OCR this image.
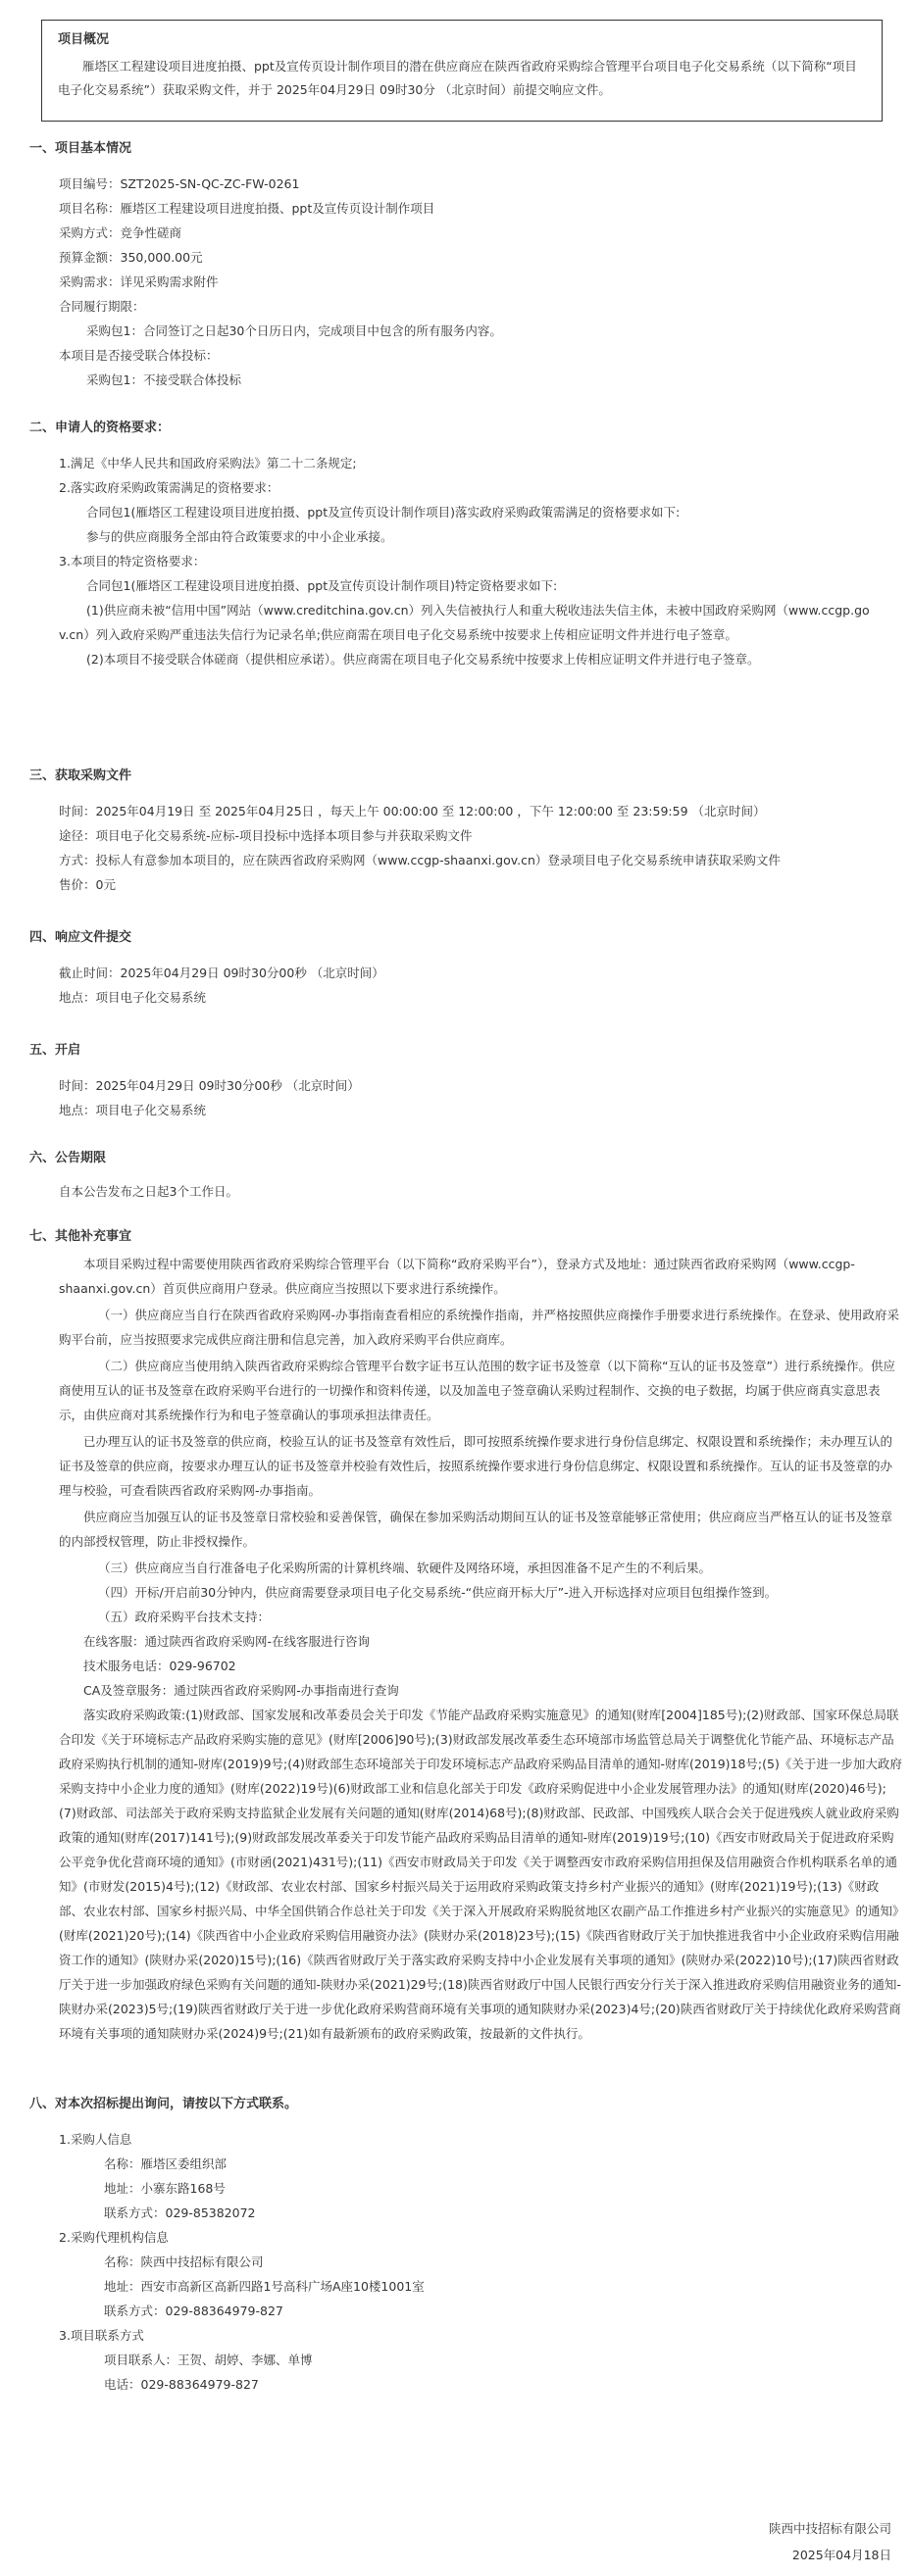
项目概况
雁塔区工程建设项目进度拍摄、ppt及宣传页设计制作项目的潜在供应商应在陕西省政府采购综合管理平台项目电子化交易系统（以下简称“项目电子化交易系统”）获取采购文件，并于 2025年04月29日 09时30分 （北京时间）前提交响应文件。
一、项目基本情况
项目编号：SZT2025-SN-QC-ZC-FW-0261
项目名称：雁塔区工程建设项目进度拍摄、ppt及宣传页设计制作项目
采购方式：竞争性磋商
预算金额：350,000.00元
采购需求：详见采购需求附件
合同履行期限：
采购包1：合同签订之日起30个日历日内，完成项目中包含的所有服务内容。
本项目是否接受联合体投标：
采购包1：不接受联合体投标
二、申请人的资格要求：
1.满足《中华人民共和国政府采购法》第二十二条规定;
2.落实政府采购政策需满足的资格要求：
合同包1(雁塔区工程建设项目进度拍摄、ppt及宣传页设计制作项目)落实政府采购政策需满足的资格要求如下:
参与的供应商服务全部由符合政策要求的中小企业承接。
3.本项目的特定资格要求：
合同包1(雁塔区工程建设项目进度拍摄、ppt及宣传页设计制作项目)特定资格要求如下:
(1)供应商未被“信用中国”网站（www.creditchina.gov.cn）列入失信被执行人和重大税收违法失信主体，未被中国政府采购网（www.ccgp.go
v.cn）列入政府采购严重违法失信行为记录名单;供应商需在项目电子化交易系统中按要求上传相应证明文件并进行电子签章。
(2)本项目不接受联合体磋商（提供相应承诺）。供应商需在项目电子化交易系统中按要求上传相应证明文件并进行电子签章。
三、获取采购文件
时间：2025年04月19日 至 2025年04月25日 ，每天上午 00:00:00 至 12:00:00 ，下午 12:00:00 至 23:59:59 （北京时间）
途径：项目电子化交易系统-应标-项目投标中选择本项目参与并获取采购文件
方式：投标人有意参加本项目的，应在陕西省政府采购网（www.ccgp-shaanxi.gov.cn）登录项目电子化交易系统申请获取采购文件
售价：0元
四、响应文件提交
截止时间：2025年04月29日 09时30分00秒 （北京时间）
地点：项目电子化交易系统
五、开启
时间：2025年04月29日 09时30分00秒 （北京时间）
地点：项目电子化交易系统
六、公告期限
自本公告发布之日起3个工作日。
七、其他补充事宜
本项目采购过程中需要使用陕西省政府采购综合管理平台（以下简称“政府采购平台”），登录方式及地址：通过陕西省政府采购网（www.ccgp-shaanxi.gov.cn）首页供应商用户登录。供应商应当按照以下要求进行系统操作。
（一）供应商应当自行在陕西省政府采购网-办事指南查看相应的系统操作指南，并严格按照供应商操作手册要求进行系统操作。在登录、使用政府采购平台前，应当按照要求完成供应商注册和信息完善，加入政府采购平台供应商库。
（二）供应商应当使用纳入陕西省政府采购综合管理平台数字证书互认范围的数字证书及签章（以下简称“互认的证书及签章”）进行系统操作。供应商使用互认的证书及签章在政府采购平台进行的一切操作和资料传递，以及加盖电子签章确认采购过程制作、交换的电子数据，均属于供应商真实意思表示，由供应商对其系统操作行为和电子签章确认的事项承担法律责任。
已办理互认的证书及签章的供应商，校验互认的证书及签章有效性后，即可按照系统操作要求进行身份信息绑定、权限设置和系统操作；未办理互认的证书及签章的供应商，按要求办理互认的证书及签章并校验有效性后，按照系统操作要求进行身份信息绑定、权限设置和系统操作。互认的证书及签章的办理与校验，可查看陕西省政府采购网-办事指南。
供应商应当加强互认的证书及签章日常校验和妥善保管，确保在参加采购活动期间互认的证书及签章能够正常使用；供应商应当严格互认的证书及签章的内部授权管理，防止非授权操作。
（三）供应商应当自行准备电子化采购所需的计算机终端、软硬件及网络环境，承担因准备不足产生的不利后果。
（四）开标/开启前30分钟内，供应商需要登录项目电子化交易系统-“供应商开标大厅”-进入开标选择对应项目包组操作签到。
（五）政府采购平台技术支持：
在线客服：通过陕西省政府采购网-在线客服进行咨询
技术服务电话：029-96702
CA及签章服务：通过陕西省政府采购网-办事指南进行查询
落实政府采购政策:(1)财政部、国家发展和改革委员会关于印发《节能产品政府采购实施意见》的通知(财库[2004]185号);(2)财政部、国家环保总局联合印发《关于环境标志产品政府采购实施的意见》(财库[2006]90号);(3)财政部发展改革委生态环境部市场监管总局关于调整优化节能产品、环境标志产品政府采购执行机制的通知-财库(2019)9号;(4)财政部生态环境部关于印发环境标志产品政府采购品目清单的通知-财库(2019)18号;(5)《关于进一步加大政府采购支持中小企业力度的通知》(财库(2022)19号)(6)财政部工业和信息化部关于印发《政府采购促进中小企业发展管理办法》的通知(财库(2020)46号);(7)财政部、司法部关于政府采购支持监狱企业发展有关问题的通知(财库(2014)68号);(8)财政部、民政部、中国残疾人联合会关于促进残疾人就业政府采购政策的通知(财库(2017)141号);(9)财政部发展改革委关于印发节能产品政府采购品目清单的通知-财库(2019)19号;(10)《西安市财政局关于促进政府采购公平竞争优化营商环境的通知》(市财函(2021)431号);(11)《西安市财政局关于印发《关于调整西安市政府采购信用担保及信用融资合作机构联系名单的通知》(市财发(2015)4号);(12)《财政部、农业农村部、国家乡村振兴局关于运用政府采购政策支持乡村产业振兴的通知》(财库(2021)19号);(13)《财政部、农业农村部、国家乡村振兴局、中华全国供销合作总社关于印发《关于深入开展政府采购脱贫地区农副产品工作推进乡村产业振兴的实施意见》的通知》(财库(2021)20号);(14)《陕西省中小企业政府采购信用融资办法》(陕财办采(2018)23号);(15)《陕西省财政厅关于加快推进我省中小企业政府采购信用融资工作的通知》(陕财办采(2020)15号);(16)《陕西省财政厅关于落实政府采购支持中小企业发展有关事项的通知》(陕财办采(2022)10号);(17)陕西省财政厅关于进一步加强政府绿色采购有关问题的通知-陕财办采(2021)29号;(18)陕西省财政厅中国人民银行西安分行关于深入推进政府采购信用融资业务的通知-陕财办采(2023)5号;(19)陕西省财政厅关于进一步优化政府采购营商环境有关事项的通知陕财办采(2023)4号;(20)陕西省财政厅关于持续优化政府采购营商环境有关事项的通知陕财办采(2024)9号;(21)如有最新颁布的政府采购政策，按最新的文件执行。
八、对本次招标提出询问，请按以下方式联系。
1.采购人信息
名称：雁塔区委组织部
地址：小寨东路168号
联系方式：029-85382072
2.采购代理机构信息
名称：陕西中技招标有限公司
地址：西安市高新区高新四路1号高科广场A座10楼1001室
联系方式：029-88364979-827
3.项目联系方式
项目联系人：王贺、胡婷、李娜、单博
电话：029-88364979-827
陕西中技招标有限公司
2025年04月18日
